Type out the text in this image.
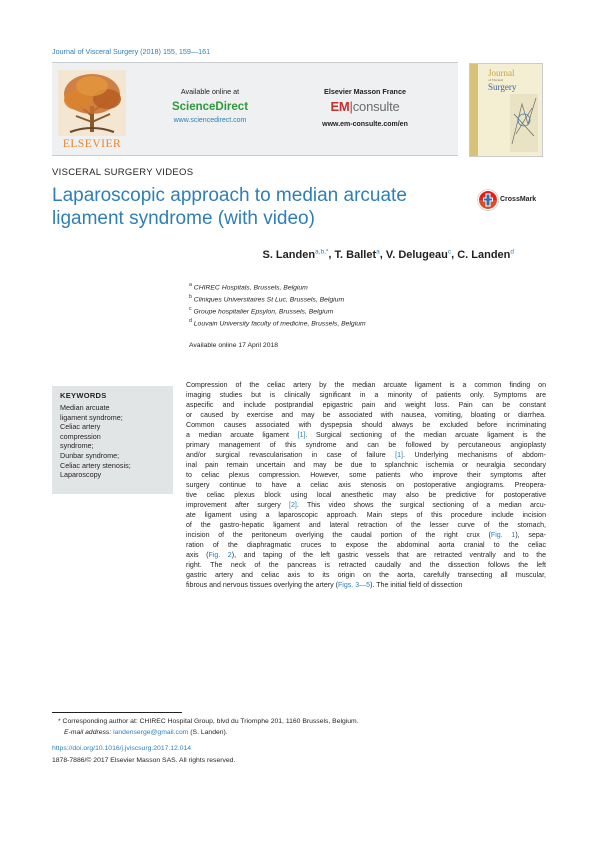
Journal of Visceral Surgery (2018) 155, 159—161
ELSEVIER
Available online at
ScienceDirect
www.sciencedirect.com
Elsevier Masson France
EM|consulte
www.em-consulte.com/en
Journal
of Visceral
Surgery
VISCERAL SURGERY VIDEOS
Laparoscopic approach to median arcuate
ligament syndrome (with video)
CrossMark
S. Landen$^{a,b,*}$, T. Ballet$^a$, V. Delugeau$^c$, C. Landen$^d$
$^a$ CHIREC Hospitals, Brussels, Belgium
$^b$ Cliniques Universitaires St Luc, Brussels, Belgium
$^c$ Groupe hospitalier Epsylon, Brussels, Belgium
$^d$ Louvain University faculty of medicine, Brussels, Belgium
Available online 17 April 2018
KEYWORDS
Median arcuate
ligament syndrome;
Celiac artery
compression
syndrome;
Dunbar syndrome;
Celiac artery stenosis;
Laparoscopy
Compression of the celiac artery by the median arcuate ligament is a common finding on
imaging studies but is clinically significant in a minority of patients only. Symptoms are
aspecific and include postprandial epigastric pain and weight loss. Pain can be constant
or caused by exercise and may be associated with nausea, vomiting, bloating or diarrhea.
Common causes associated with dyspepsia should always be excluded before incriminating
a median arcuate ligament [1]. Surgical sectioning of the median arcuate ligament is the
primary management of this syndrome and can be followed by percutaneous angioplasty
and/or surgical revascularisation in case of failure [1]. Underlying mechanisms of abdom-
inal pain remain uncertain and may be due to splanchnic ischemia or neuralgia secondary
to celiac plexus compression. However, some patients who improve their symptoms after
surgery continue to have a celiac axis stenosis on postoperative angiograms. Preopera-
tive celiac plexus block using local anesthetic may also be predictive for postoperative
improvement after surgery [2]. This video shows the surgical sectioning of a median arcu-
ate ligament using a laparoscopic approach. Main steps of this procedure include incision
of the gastro-hepatic ligament and lateral retraction of the lesser curve of the stomach,
incision of the peritoneum overlying the caudal portion of the right crux (Fig. 1), sepa-
ration of the diaphragmatic cruces to expose the abdominal aorta cranial to the celiac
axis (Fig. 2), and taping of the left gastric vessels that are retracted ventrally and to the
right. The neck of the pancreas is retracted caudally and the dissection follows the left
gastric artery and celiac axis to its origin on the aorta, carefully transecting all muscular,
fibrous and nervous tissues overlying the artery (Figs. 3—5). The initial field of dissection
* Corresponding author at: CHIREC Hospital Group, blvd du Triomphe 201, 1160 Brussels, Belgium.
E-mail address: landenserge@gmail.com (S. Landen).
https://doi.org/10.1016/j.jviscsurg.2017.12.014
1878-7886/© 2017 Elsevier Masson SAS. All rights reserved.
